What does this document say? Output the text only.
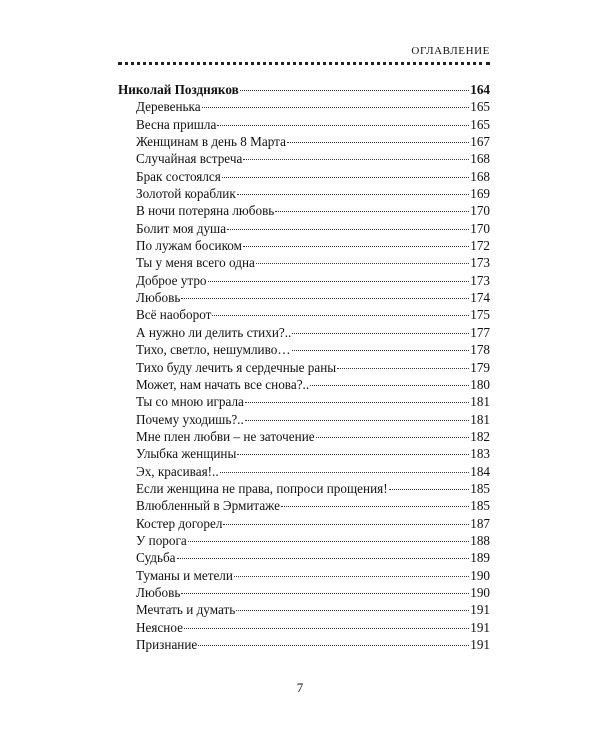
ОГЛАВЛЕНИЕ
Николай Поздняков	164
Деревенька	165
Весна пришла	165
Женщинам в день 8 Марта	167
Случайная встреча	168
Брак состоялся	168
Золотой кораблик	169
В ночи потеряна любовь	170
Болит моя душа	170
По лужам босиком	172
Ты у меня всего одна	173
Доброе утро	173
Любовь	174
Всё наоборот	175
А нужно ли делить стихи?..	177
Тихо, светло, нешумливо…	178
Тихо буду лечить я сердечные раны	179
Может, нам начать все снова?..	180
Ты со мною играла	181
Почему уходишь?..	181
Мне плен любви – не заточение	182
Улыбка женщины	183
Эх, красивая!..	184
Если женщина не права, попроси прощения!	185
Влюбленный в Эрмитаже	185
Костер догорел	187
У порога	188
Судьба	189
Туманы и метели	190
Любовь	190
Мечтать и думать	191
Неясное	191
Признание	191
7
